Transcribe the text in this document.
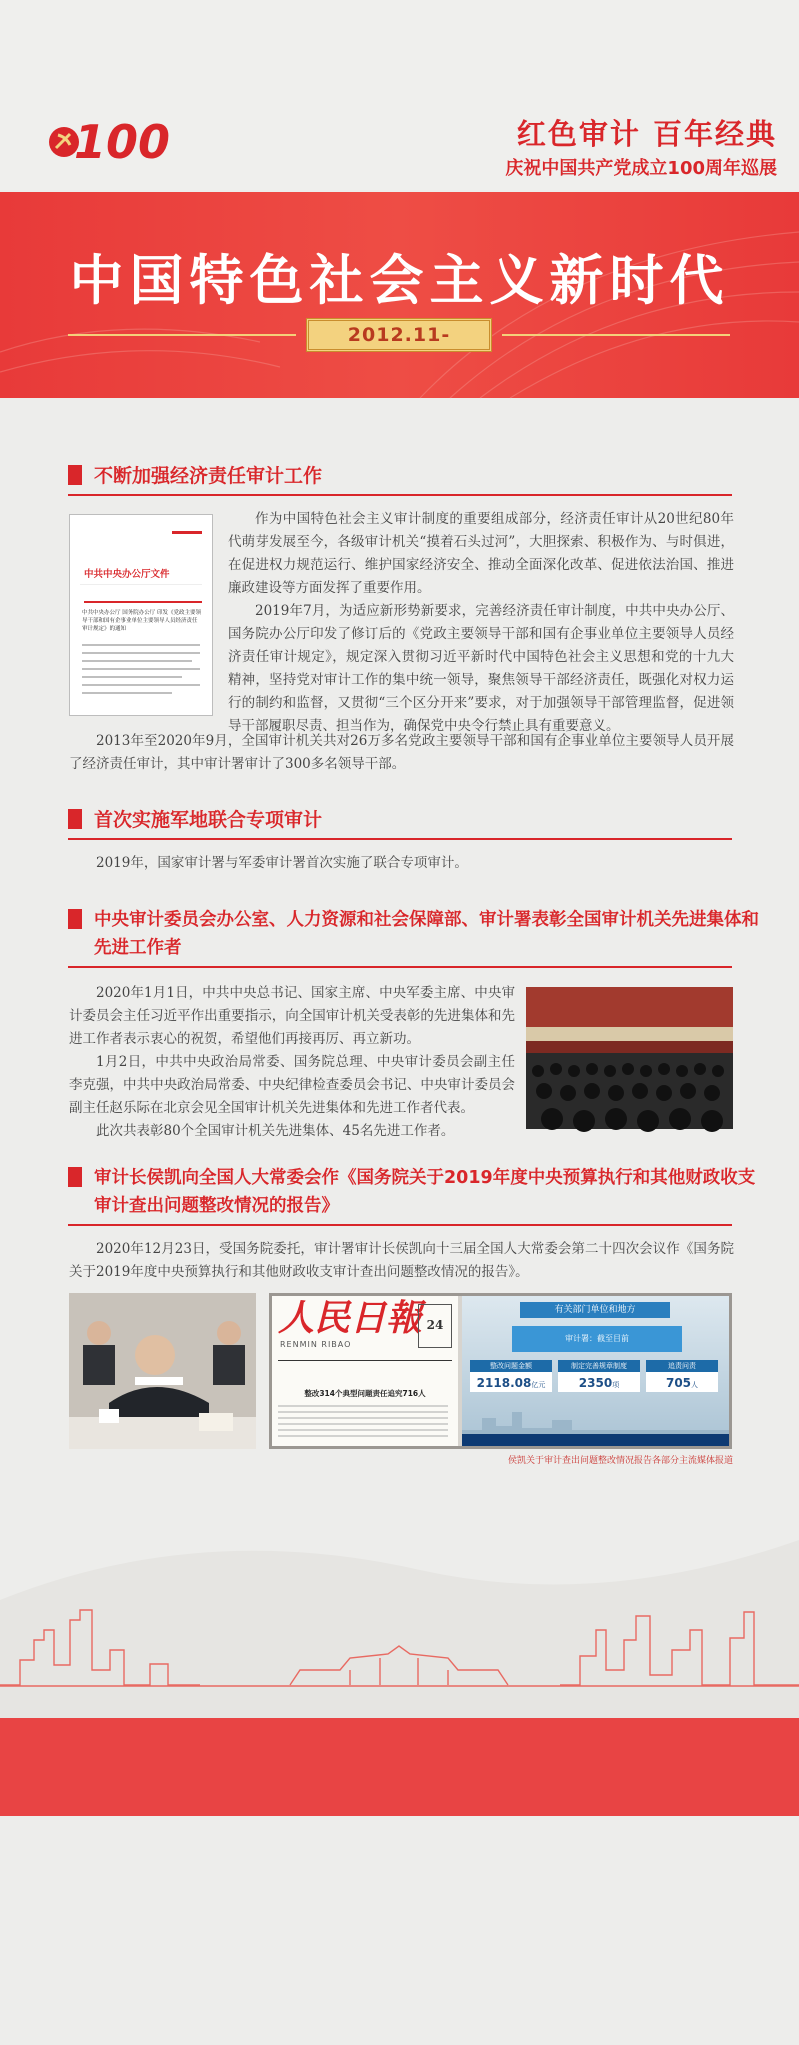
100	红色审计 百年经典
庆祝中国共产党成立100周年巡展
中国特色社会主义新时代
2012.11-
不断加强经济责任审计工作
中共中央办公厅文件
中共中央办公厅 国务院办公厅 印发《党政主要领导干部和国有企事业单位主要领导人员经济责任审计规定》的通知
作为中国特色社会主义审计制度的重要组成部分，经济责任审计从20世纪80年代萌芽发展至今，各级审计机关“摸着石头过河”，大胆探索、积极作为、与时俱进，在促进权力规范运行、维护国家经济安全、推动全面深化改革、促进依法治国、推进廉政建设等方面发挥了重要作用。
2019年7月，为适应新形势新要求，完善经济责任审计制度，中共中央办公厅、国务院办公厅印发了修订后的《党政主要领导干部和国有企事业单位主要领导人员经济责任审计规定》，规定深入贯彻习近平新时代中国特色社会主义思想和党的十九大精神，坚持党对审计工作的集中统一领导，聚焦领导干部经济责任，既强化对权力运行的制约和监督，又贯彻“三个区分开来”要求，对于加强领导干部管理监督，促进领导干部履职尽责、担当作为，确保党中央令行禁止具有重要意义。
2013年至2020年9月，全国审计机关共对26万多名党政主要领导干部和国有企事业单位主要领导人员开展了经济责任审计，其中审计署审计了300多名领导干部。
首次实施军地联合专项审计
2019年，国家审计署与军委审计署首次实施了联合专项审计。
中央审计委员会办公室、人力资源和社会保障部、审计署表彰全国审计机关先进集体和
先进工作者
2020年1月1日，中共中央总书记、国家主席、中央军委主席、中央审计委员会主任习近平作出重要指示，向全国审计机关受表彰的先进集体和先进工作者表示衷心的祝贺，希望他们再接再厉、再立新功。
1月2日，中共中央政治局常委、国务院总理、中央审计委员会副主任李克强，中共中央政治局常委、中央纪律检查委员会书记、中央审计委员会副主任赵乐际在北京会见全国审计机关先进集体和先进工作者代表。
此次共表彰80个全国审计机关先进集体、45名先进工作者。
审计长侯凯向全国人大常委会作《国务院关于2019年度中央预算执行和其他财政收支
审计查出问题整改情况的报告》
2020年12月23日，受国务院委托，审计署审计长侯凯向十三届全国人大常委会第二十四次会议作《国务院关于2019年度中央预算执行和其他财政收支审计查出问题整改情况的报告》。
人民日報
RENMIN RIBAO
24
整改314个典型问题责任追究716人
有关部门单位和地方
审计署：截至目前
整改问题金额
2118.08亿元
制定完善规章制度
2350项
追责问责
705人
侯凯关于审计查出问题整改情况报告各部分主流媒体报道
